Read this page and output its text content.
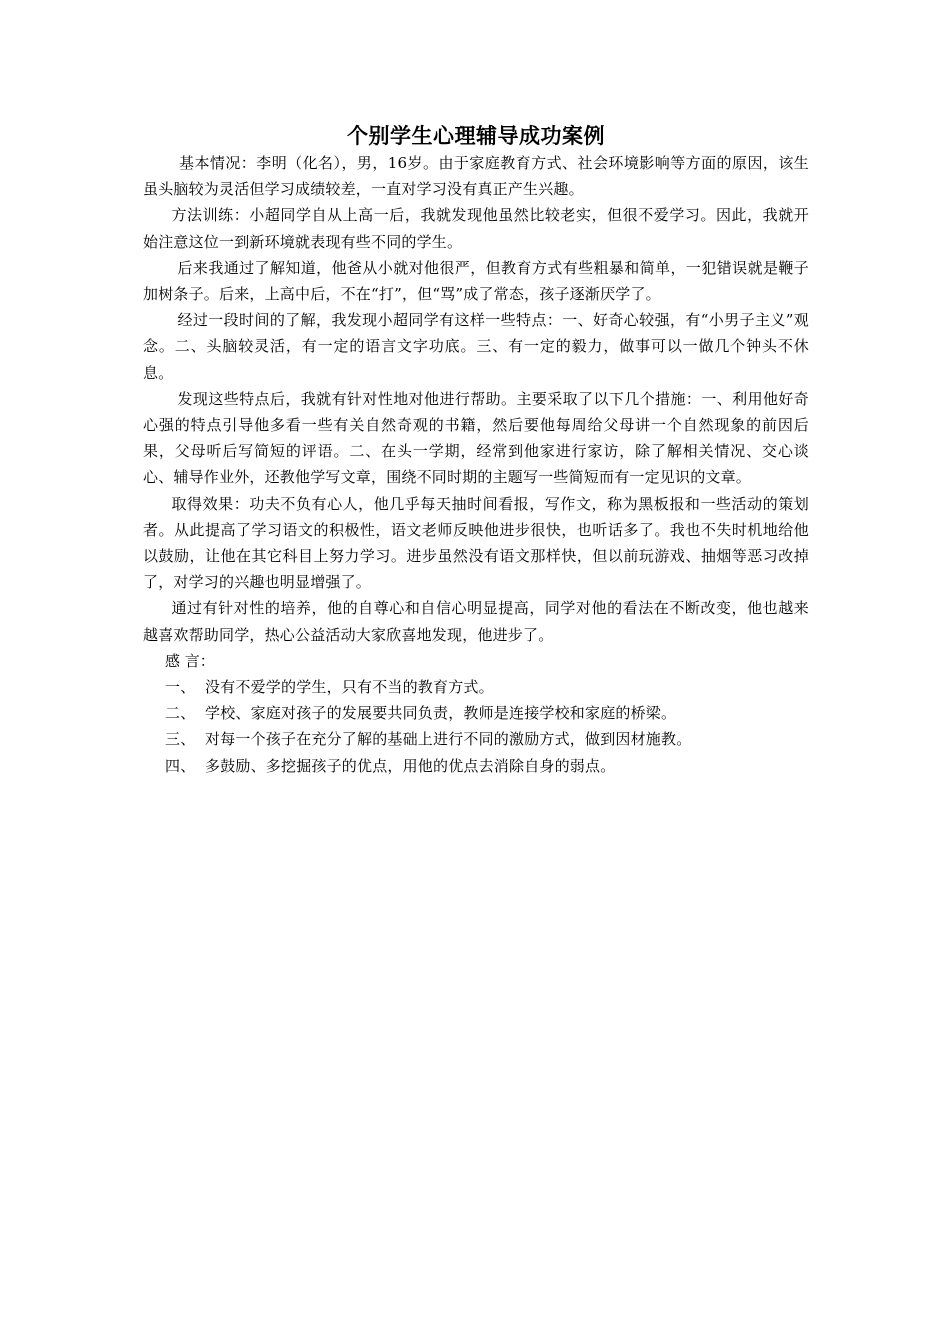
个别学生心理辅导成功案例

基本情况：李明（化名），男，16岁。由于家庭教育方式、社会环境影响等方面的原因，该生虽头脑较为灵活但学习成绩较差，一直对学习没有真正产生兴趣。

方法训练：小超同学自从上高一后，我就发现他虽然比较老实，但很不爱学习。因此，我就开始注意这位一到新环境就表现有些不同的学生。

后来我通过了解知道，他爸从小就对他很严，但教育方式有些粗暴和简单，一犯错误就是鞭子加树条子。后来，上高中后，不在“打”，但“骂”成了常态，孩子逐渐厌学了。

经过一段时间的了解，我发现小超同学有这样一些特点：一、好奇心较强，有“小男子主义”观念。二、头脑较灵活，有一定的语言文字功底。三、有一定的毅力，做事可以一做几个钟头不休息。

发现这些特点后，我就有针对性地对他进行帮助。主要采取了以下几个措施：一、利用他好奇心强的特点引导他多看一些有关自然奇观的书籍，然后要他每周给父母讲一个自然现象的前因后果，父母听后写简短的评语。二、在头一学期，经常到他家进行家访，除了解相关情况、交心谈心、辅导作业外，还教他学写文章，围绕不同时期的主题写一些简短而有一定见识的文章。

取得效果：功夫不负有心人，他几乎每天抽时间看报，写作文，称为黑板报和一些活动的策划者。从此提高了学习语文的积极性，语文老师反映他进步很快，也听话多了。我也不失时机地给他以鼓励，让他在其它科目上努力学习。进步虽然没有语文那样快，但以前玩游戏、抽烟等恶习改掉了，对学习的兴趣也明显增强了。

通过有针对性的培养，他的自尊心和自信心明显提高，同学对他的看法在不断改变，他也越来越喜欢帮助同学，热心公益活动大家欣喜地发现，他进步了。

感 言：

一、 没有不爱学的学生，只有不当的教育方式。
二、 学校、家庭对孩子的发展要共同负责，教师是连接学校和家庭的桥梁。
三、 对每一个孩子在充分了解的基础上进行不同的激励方式，做到因材施教。
四、 多鼓励、多挖掘孩子的优点，用他的优点去消除自身的弱点。
